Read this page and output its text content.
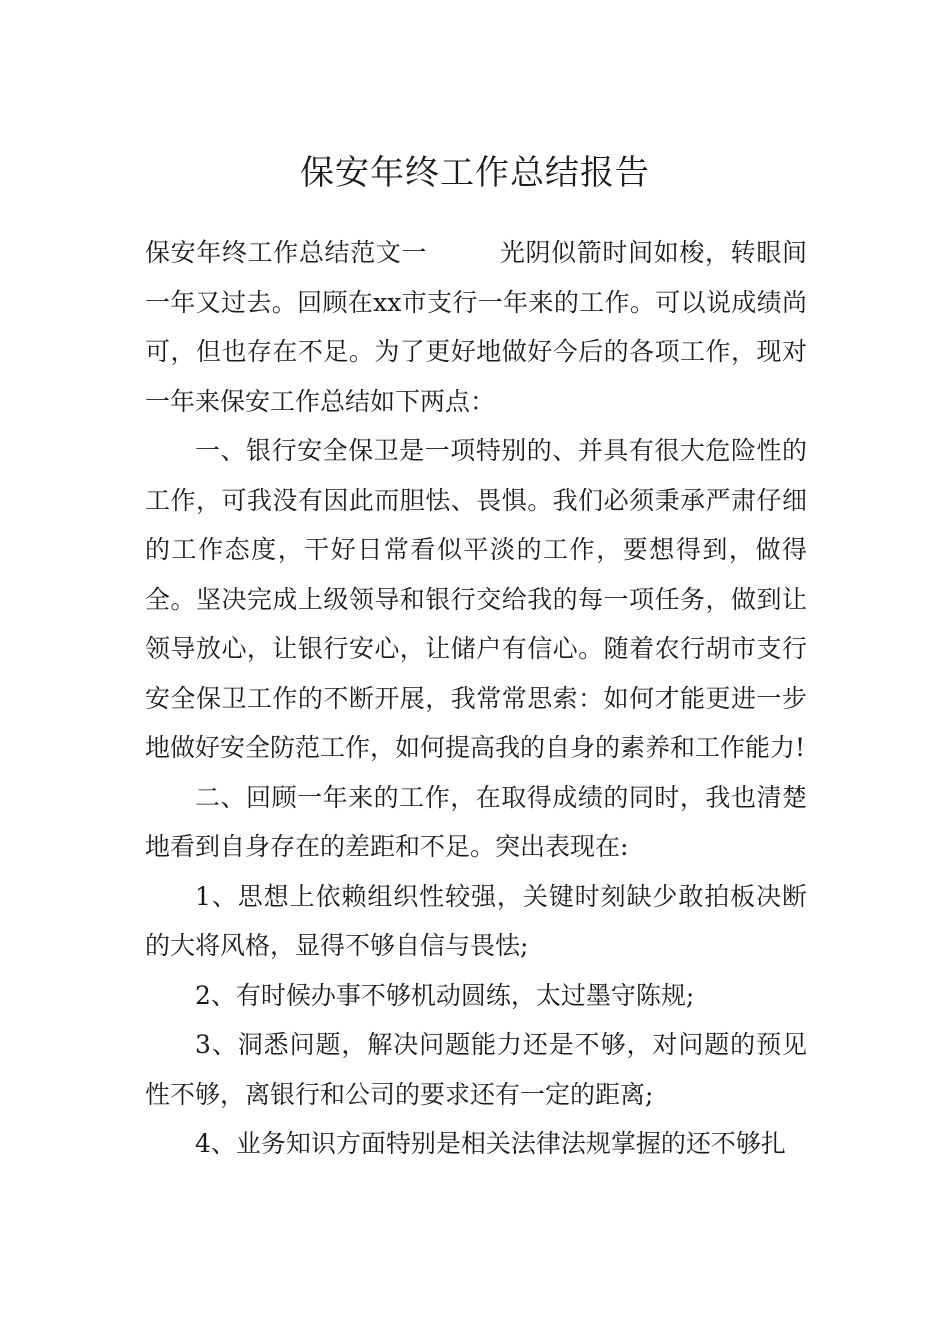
保安年终工作总结报告

保安年终工作总结范文一	光阴似箭时间如梭，转眼间一年又过去。回顾在xx市支行一年来的工作。可以说成绩尚可，但也存在不足。为了更好地做好今后的各项工作，现对一年来保安工作总结如下两点：

一、银行安全保卫是一项特别的、并具有很大危险性的工作，可我没有因此而胆怯、畏惧。我们必须秉承严肃仔细的工作态度，干好日常看似平淡的工作，要想得到，做得全。坚决完成上级领导和银行交给我的每一项任务，做到让领导放心，让银行安心，让储户有信心。随着农行胡市支行安全保卫工作的不断开展，我常常思索：如何才能更进一步地做好安全防范工作，如何提高我的自身的素养和工作能力!

二、回顾一年来的工作，在取得成绩的同时，我也清楚地看到自身存在的差距和不足。突出表现在:

1、思想上依赖组织性较强，关键时刻缺少敢拍板决断的大将风格，显得不够自信与畏怯;

2、有时候办事不够机动圆练，太过墨守陈规;

3、洞悉问题，解决问题能力还是不够，对问题的预见性不够，离银行和公司的要求还有一定的距离;

4、业务知识方面特别是相关法律法规掌握的还不够扎
